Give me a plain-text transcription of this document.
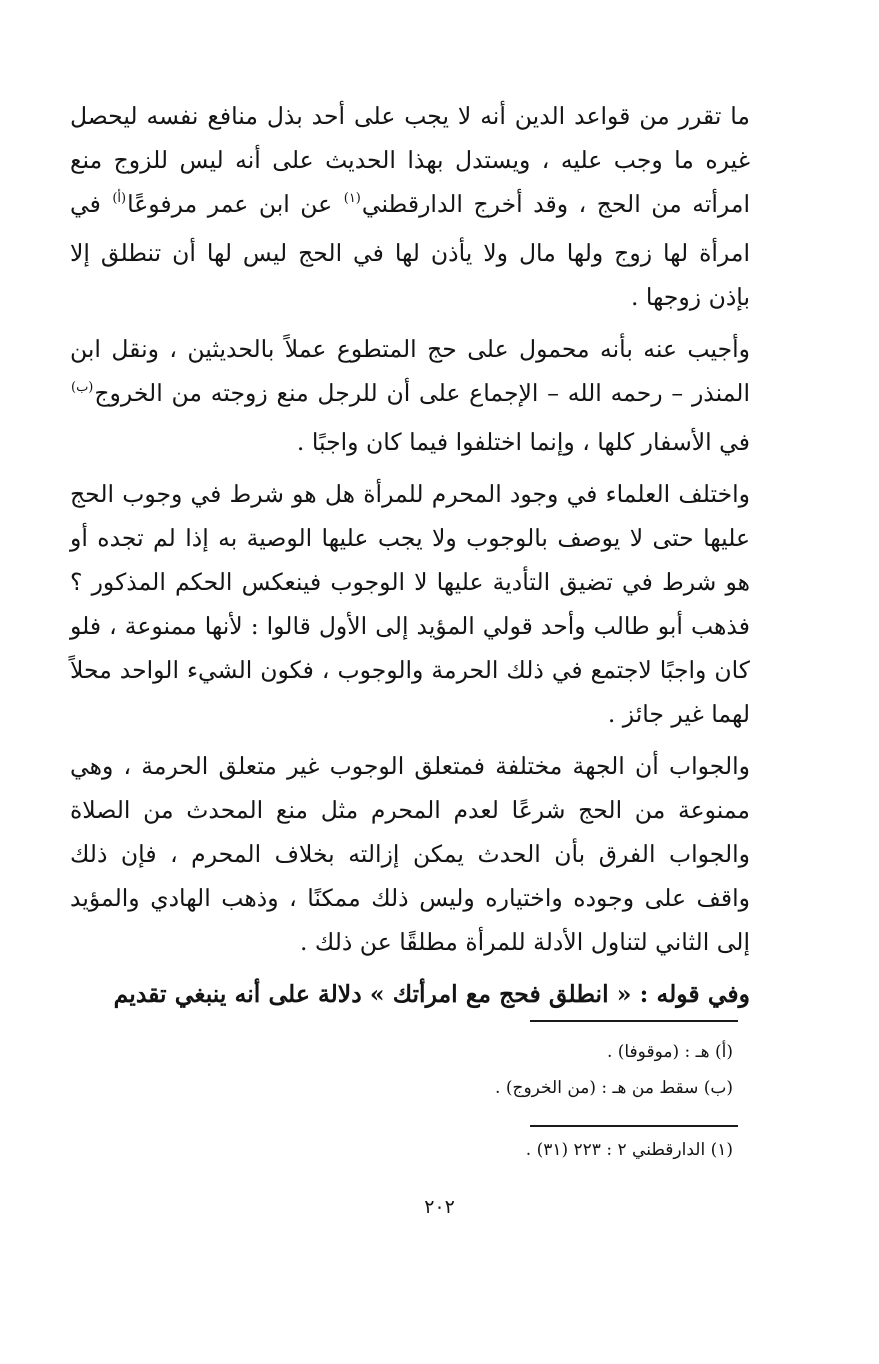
ما تقرر من قواعد الدين أنه لا يجب على أحد بذل منافع نفسه ليحصل غيره ما وجب عليه ، ويستدل بهذا الحديث على أنه ليس للزوج منع امرأته من الحج ، وقد أخرج الدارقطني$^{(١)}$ عن ابن عمر مرفوعًا$^{(أ)}$ في امرأة لها زوج ولها مال ولا يأذن لها في الحج ليس لها أن تنطلق إلا بإذن زوجها .

وأجيب عنه بأنه محمول على حج المتطوع عملاً بالحديثين ، ونقل ابن المنذر – رحمه الله – الإجماع على أن للرجل منع زوجته من الخروج$^{(ب)}$ في الأسفار كلها ، وإنما اختلفوا فيما كان واجبًا .

واختلف العلماء في وجود المحرم للمرأة هل هو شرط في وجوب الحج عليها حتى لا يوصف بالوجوب ولا يجب عليها الوصية به إذا لم تجده أو هو شرط في تضيق التأدية عليها لا الوجوب فينعكس الحكم المذكور ؟ فذهب أبو طالب وأحد قولي المؤيد إلى الأول قالوا : لأنها ممنوعة ، فلو كان واجبًا لاجتمع في ذلك الحرمة والوجوب ، فكون الشيء الواحد محلاً لهما غير جائز .

والجواب أن الجهة مختلفة فمتعلق الوجوب غير متعلق الحرمة ، وهي ممنوعة من الحج شرعًا لعدم المحرم مثل منع المحدث من الصلاة والجواب الفرق بأن الحدث يمكن إزالته بخلاف المحرم ، فإن ذلك واقف على وجوده واختياره وليس ذلك ممكنًا ، وذهب الهادي والمؤيد إلى الثاني لتناول الأدلة للمرأة مطلقًا عن ذلك .

وفي قوله : « انطلق فحج مع امرأتك » دلالة على أنه ينبغي تقديم

(أ) هـ : (موقوفا) .
(ب) سقط من هـ : (من الخروج) .
(١) الدارقطني ٢ : ٢٢٣ (٣١) .
٢٠٢
